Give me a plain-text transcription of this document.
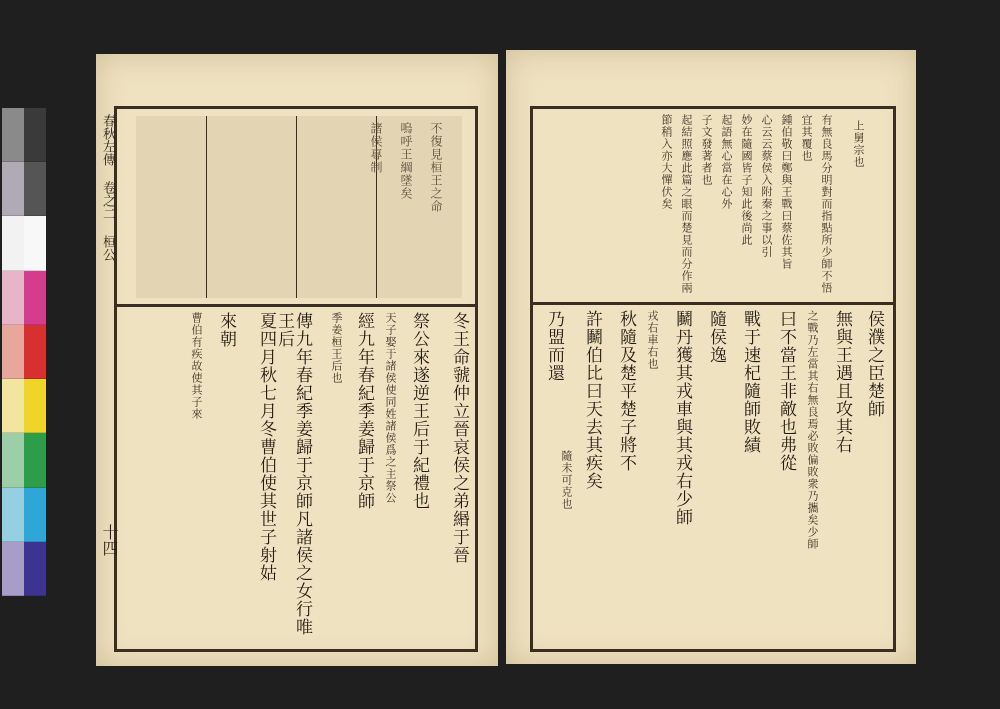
不復見桓王之命
嗚呼王綱墜矣
諸侯專制
冬王命虢仲立晉哀侯之弟緡于晉
祭公來遂逆王后于紀禮也
天子娶于諸侯使同姓諸侯爲之主祭公
經九年春紀季姜歸于京師
季姜桓王后也
傳九年春紀季姜歸于京師凡諸侯之女行唯王后
夏四月秋七月冬曹伯使其世子射姑
來朝
曹伯有疾故使其子來
春秋左傳 卷之二 桓公
十四
上舅宗也
有無良馬分明對而指點所少師不悟
宜其覆也
鍾伯敬曰鄭與王戰曰蔡佐其旨
心云云蔡侯入附秦之事以引
妙在隨國皆子知此後尚此
起語無心當在心外
子文發著者也
起結照應此篇之眼而楚見而分作兩
節稍入亦大憚伏矣
侯濮之臣楚師
無與王遇且攻其右
之戰乃左當其右無良焉必敗偏敗衆乃攜矣少師
曰不當王非敵也弗從
戰于速杞隨師敗績
隨侯逸
鬭丹獲其戎車與其戎右少師
戎右車右也
秋隨及楚平楚子將不
許鬭伯比曰天去其疾矣
隨未可克也
乃盟而還
